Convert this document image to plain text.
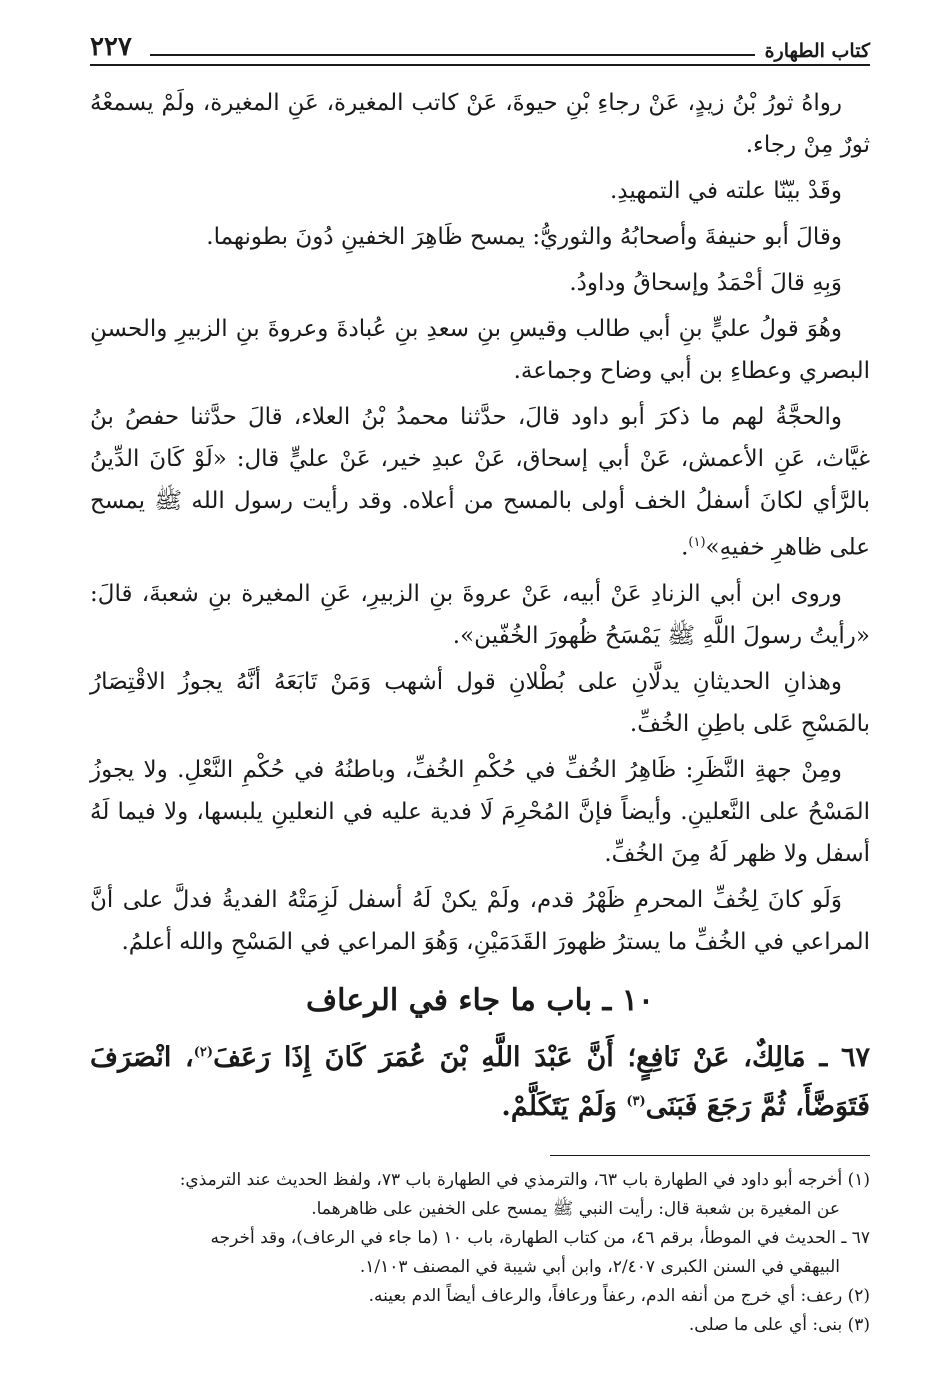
كتاب الطهارة
٢٢٧

رواهُ ثورُ بْنُ زيدٍ، عَنْ رجاءِ بْنِ حيوةَ، عَنْ كاتب المغيرة، عَنِ المغيرة، ولَمْ يسمعْهُ ثورٌ مِنْ رجاء.

وقَدْ بيّنّا علته في التمهيدِ.

وقالَ أبو حنيفةَ وأصحابُهُ والثوريُّ: يمسح ظَاهِرَ الخفينِ دُونَ بطونهما.

وَبِهِ قالَ أحْمَدُ وإسحاقُ وداودُ.

وهُوَ قولُ عليٍّ بنِ أبي طالب وقيسِ بنِ سعدِ بنِ عُبادةَ وعروةَ بنِ الزبيرِ والحسنِ البصري وعطاءِ بن أبي وضاح وجماعة.

والحجَّةُ لهم ما ذكرَ أبو داود قالَ، حدَّثنا محمدُ بْنُ العلاء، قالَ حدَّثنا حفصُ بنُ غيَّاث، عَنِ الأعمش، عَنْ أبي إسحاق، عَنْ عبدِ خير، عَنْ عليٍّ قال: «لَوْ كَانَ الدِّينُ بالرَّأي لكانَ أسفلُ الخف أولى بالمسح من أعلاه. وقد رأيت رسول الله ﷺ يمسح على ظاهرِ خفيهِ»$^{(١)}$.

وروى ابن أبي الزنادِ عَنْ أبيه، عَنْ عروةَ بنِ الزبيرِ، عَنِ المغيرة بنِ شعبةَ، قالَ: «رأيتُ رسولَ اللَّهِ ﷺ يَمْسَحُ ظُهورَ الخُفّين».

وهذانِ الحديثانِ يدلَّانِ على بُطْلانِ قول أشهب وَمَنْ تَابَعَهُ أنَّهُ يجوزُ الاقْتِصَارُ بالمَسْحِ عَلى باطِنِ الخُفِّ.

ومِنْ جهةِ النَّظَرِ: ظَاهِرُ الخُفِّ في حُكْمِ الخُفِّ، وباطنُهُ في حُكْمِ النَّعْلِ. ولا يجوزُ المَسْحُ على النَّعلينِ. وأيضاً فإنَّ المُحْرِمَ لَا فدية عليه في النعلينِ يلبسها، ولا فيما لَهُ أسفل ولا ظهر لَهُ مِنَ الخُفِّ.

وَلَو كانَ لِخُفِّ المحرمِ ظَهْرُ قدم، ولَمْ يكنْ لَهُ أسفل لَزِمَتْهُ الفديةُ فدلَّ على أنَّ المراعي في الخُفِّ ما يسترُ ظهورَ القَدَمَيْنِ، وَهُوَ المراعي في المَسْحِ والله أعلمُ.

١٠ ـ باب ما جاء في الرعاف

٦٧ ـ مَالِكٌ، عَنْ نَافِعٍ؛ أَنَّ عَبْدَ اللَّهِ بْنَ عُمَرَ كَانَ إِذَا رَعَفَ$^{(٢)}$، انْصَرَفَ فَتَوَضَّأَ، ثُمَّ رَجَعَ فَبَنَى$^{(٣)}$ وَلَمْ يَتَكَلَّمْ.

(١) أخرجه أبو داود في الطهارة باب ٦٣، والترمذي في الطهارة باب ٧٣، ولفظ الحديث عند الترمذي:
عن المغيرة بن شعبة قال: رأيت النبي ﷺ يمسح على الخفين على ظاهرهما.

٦٧ ـ الحديث في الموطأ، برقم ٤٦، من كتاب الطهارة، باب ١٠ (ما جاء في الرعاف)، وقد أخرجه
البيهقي في السنن الكبرى ٢/٤٠٧، وابن أبي شيبة في المصنف ١/١٠٣.

(٢) رعف: أي خرج من أنفه الدم، رعفاً ورعافاً، والرعاف أيضاً الدم بعينه.

(٣) بنى: أي على ما صلى.
